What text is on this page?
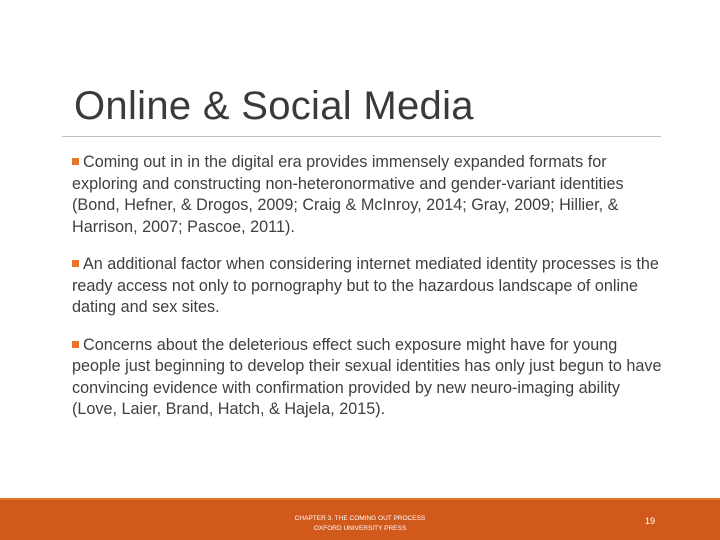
Online & Social Media
Coming out in in the digital era provides immensely expanded formats for exploring and constructing non-heteronormative and gender-variant identities (Bond, Hefner, & Drogos, 2009; Craig & McInroy, 2014; Gray, 2009; Hillier, & Harrison, 2007; Pascoe, 2011).
An additional factor when considering internet mediated identity processes is the ready access not only to pornography but to the hazardous landscape of online dating and sex sites.
Concerns about the deleterious effect such exposure might have for young people just beginning to develop their sexual identities has only just begun to have convincing evidence with confirmation provided by new neuro-imaging ability (Love, Laier, Brand, Hatch, & Hajela, 2015).
CHAPTER 3. THE COMING OUT PROCESS
OXFORD UNIVERSITY PRESS
19
